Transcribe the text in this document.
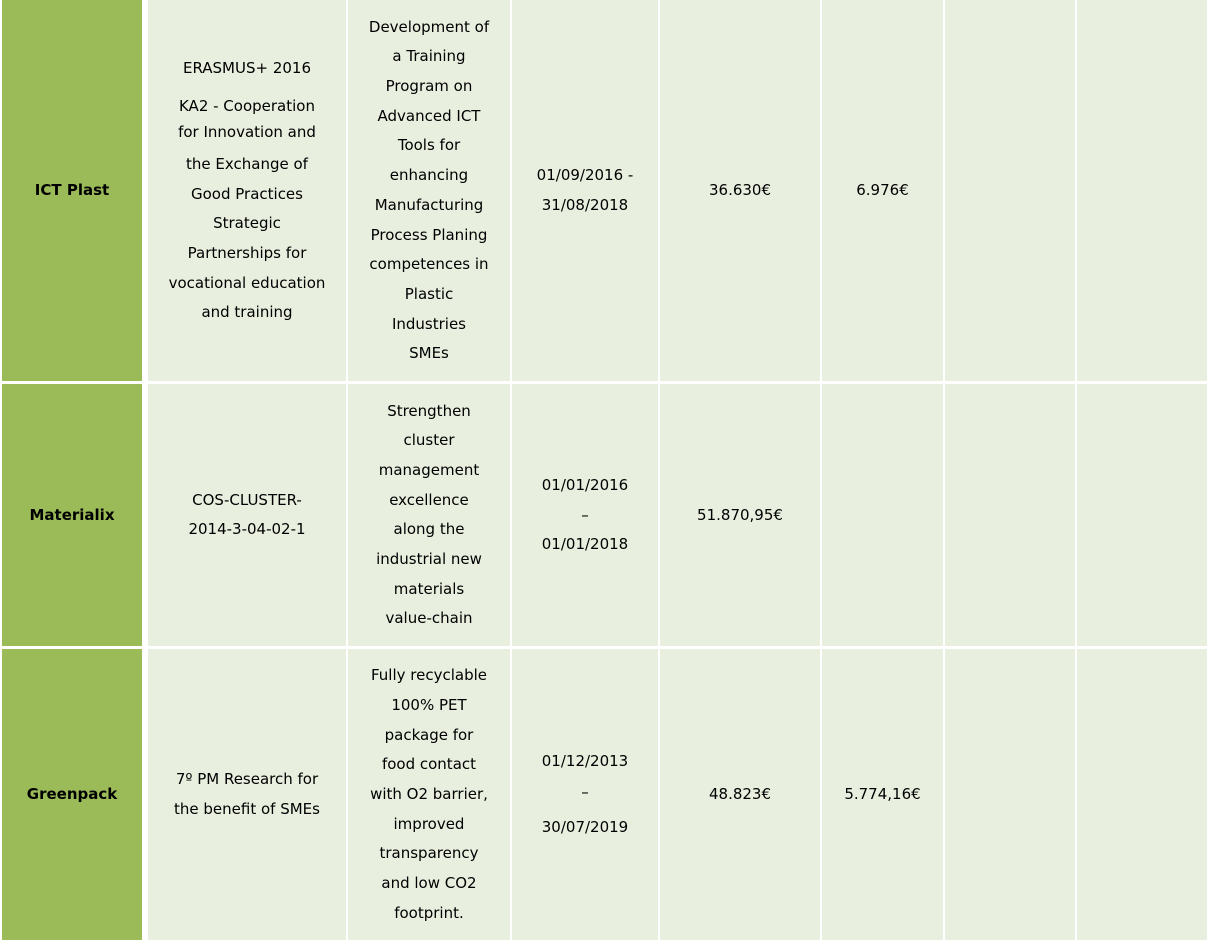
ICT Plast
ERASMUS+ 2016
KA2 - Cooperation
for Innovation and
the Exchange of
Good Practices
Strategic
Partnerships for
vocational education
and training
Development of
a Training
Program on
Advanced ICT
Tools for
enhancing
Manufacturing
Process Planing
competences in
Plastic
Industries
SMEs
01/09/2016 -
31/08/2018
36.630€	6.976€
Materialix
COS-CLUSTER-
2014-3-04-02-1
Strengthen
cluster
management
excellence
along the
industrial new
materials
value-chain
01/01/2016
–
01/01/2018
51.870,95€
Greenpack
7º PM Research for
the benefit of SMEs
Fully recyclable
100% PET
package for
food contact
with O2 barrier,
improved
transparency
and low CO2
footprint.
01/12/2013
–
30/07/2019
48.823€	5.774,16€
